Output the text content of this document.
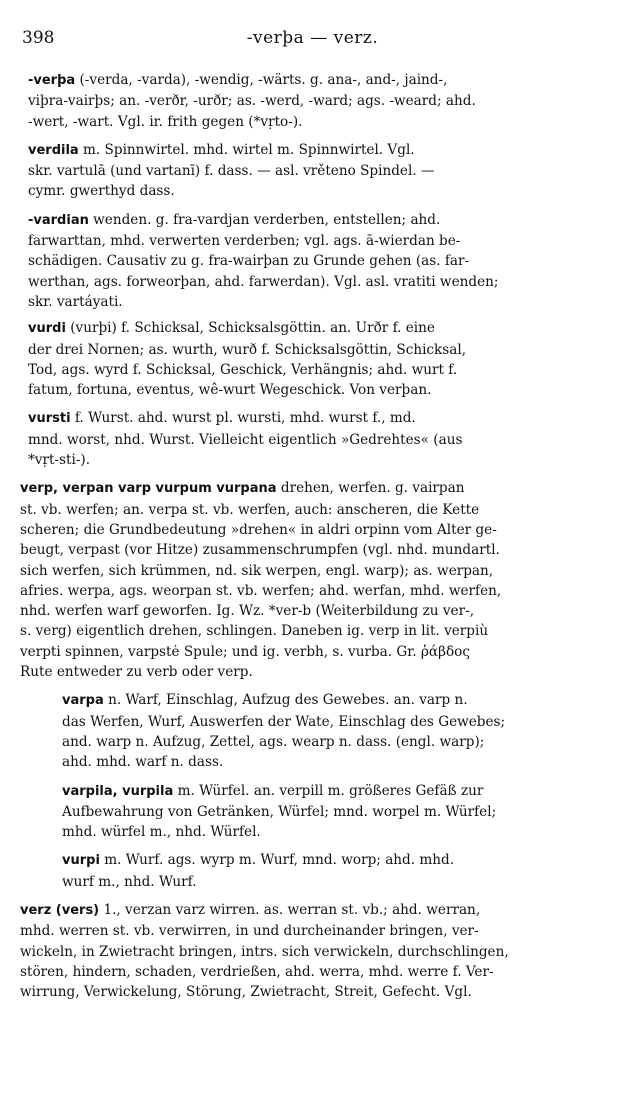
398	-verþa — verz.
-verþa (-verda, -varda), -wendig, -wärts. g. ana-, and-, jaind-,
viþra-vairþs; an. -verðr, -urðr; as. -werd, -ward; ags. -weard; ahd.
-wert, -wart. Vgl. ir. frith gegen (*vṛto-).
verdila m. Spinnwirtel. mhd. wirtel m. Spinnwirtel. Vgl.
skr. vartulā (und vartanī) f. dass. — asl. vrěteno Spindel. —
cymr. gwerthyd dass.
-vardian wenden. g. fra-vardjan verderben, entstellen; ahd.
farwarttan, mhd. verwerten verderben; vgl. ags. ā-wierdan be-
schädigen. Causativ zu g. fra-wairþan zu Grunde gehen (as. far-
werthan, ags. forweorþan, ahd. farwerdan). Vgl. asl. vratiti wenden;
skr. vartáyati.
vurdi (vurþi) f. Schicksal, Schicksalsgöttin. an. Urðr f. eine
der drei Nornen; as. wurth, wurð f. Schicksalsgöttin, Schicksal,
Tod, ags. wyrd f. Schicksal, Geschick, Verhängnis; ahd. wurt f.
fatum, fortuna, eventus, wê-wurt Wegeschick. Von verþan.
vursti f. Wurst. ahd. wurst pl. wursti, mhd. wurst f., md.
mnd. worst, nhd. Wurst. Vielleicht eigentlich »Gedrehtes« (aus
*vṛt-sti-).
verp, verpan varp vurpum vurpana drehen, werfen. g. vairpan
st. vb. werfen; an. verpa st. vb. werfen, auch: anscheren, die Kette
scheren; die Grundbedeutung »drehen« in aldri orpinn vom Alter ge-
beugt, verpast (vor Hitze) zusammenschrumpfen (vgl. nhd. mundartl.
sich werfen, sich krümmen, nd. sik werpen, engl. warp); as. werpan,
afries. werpa, ags. weorpan st. vb. werfen; ahd. werfan, mhd. werfen,
nhd. werfen warf geworfen. Ig. Wz. *ver-b (Weiterbildung zu ver-,
s. verg) eigentlich drehen, schlingen. Daneben ig. verp in lit. verpiù
verpti spinnen, varpstė Spule; und ig. verbh, s. vurba. Gr. ῥάβδος
Rute entweder zu verb oder verp.
varpa n. Warf, Einschlag, Aufzug des Gewebes. an. varp n.
das Werfen, Wurf, Auswerfen der Wate, Einschlag des Gewebes;
and. warp n. Aufzug, Zettel, ags. wearp n. dass. (engl. warp);
ahd. mhd. warf n. dass.
varpila, vurpila m. Würfel. an. verpill m. größeres Gefäß zur
Aufbewahrung von Getränken, Würfel; mnd. worpel m. Würfel;
mhd. würfel m., nhd. Würfel.
vurpi m. Wurf. ags. wyrp m. Wurf, mnd. worp; ahd. mhd.
wurf m., nhd. Wurf.
verz (vers) 1., verzan varz wirren. as. werran st. vb.; ahd. werran,
mhd. werren st. vb. verwirren, in und durcheinander bringen, ver-
wickeln, in Zwietracht bringen, intrs. sich verwickeln, durchschlingen,
stören, hindern, schaden, verdrießen, ahd. werra, mhd. werre f. Ver-
wirrung, Verwickelung, Störung, Zwietracht, Streit, Gefecht. Vgl.
